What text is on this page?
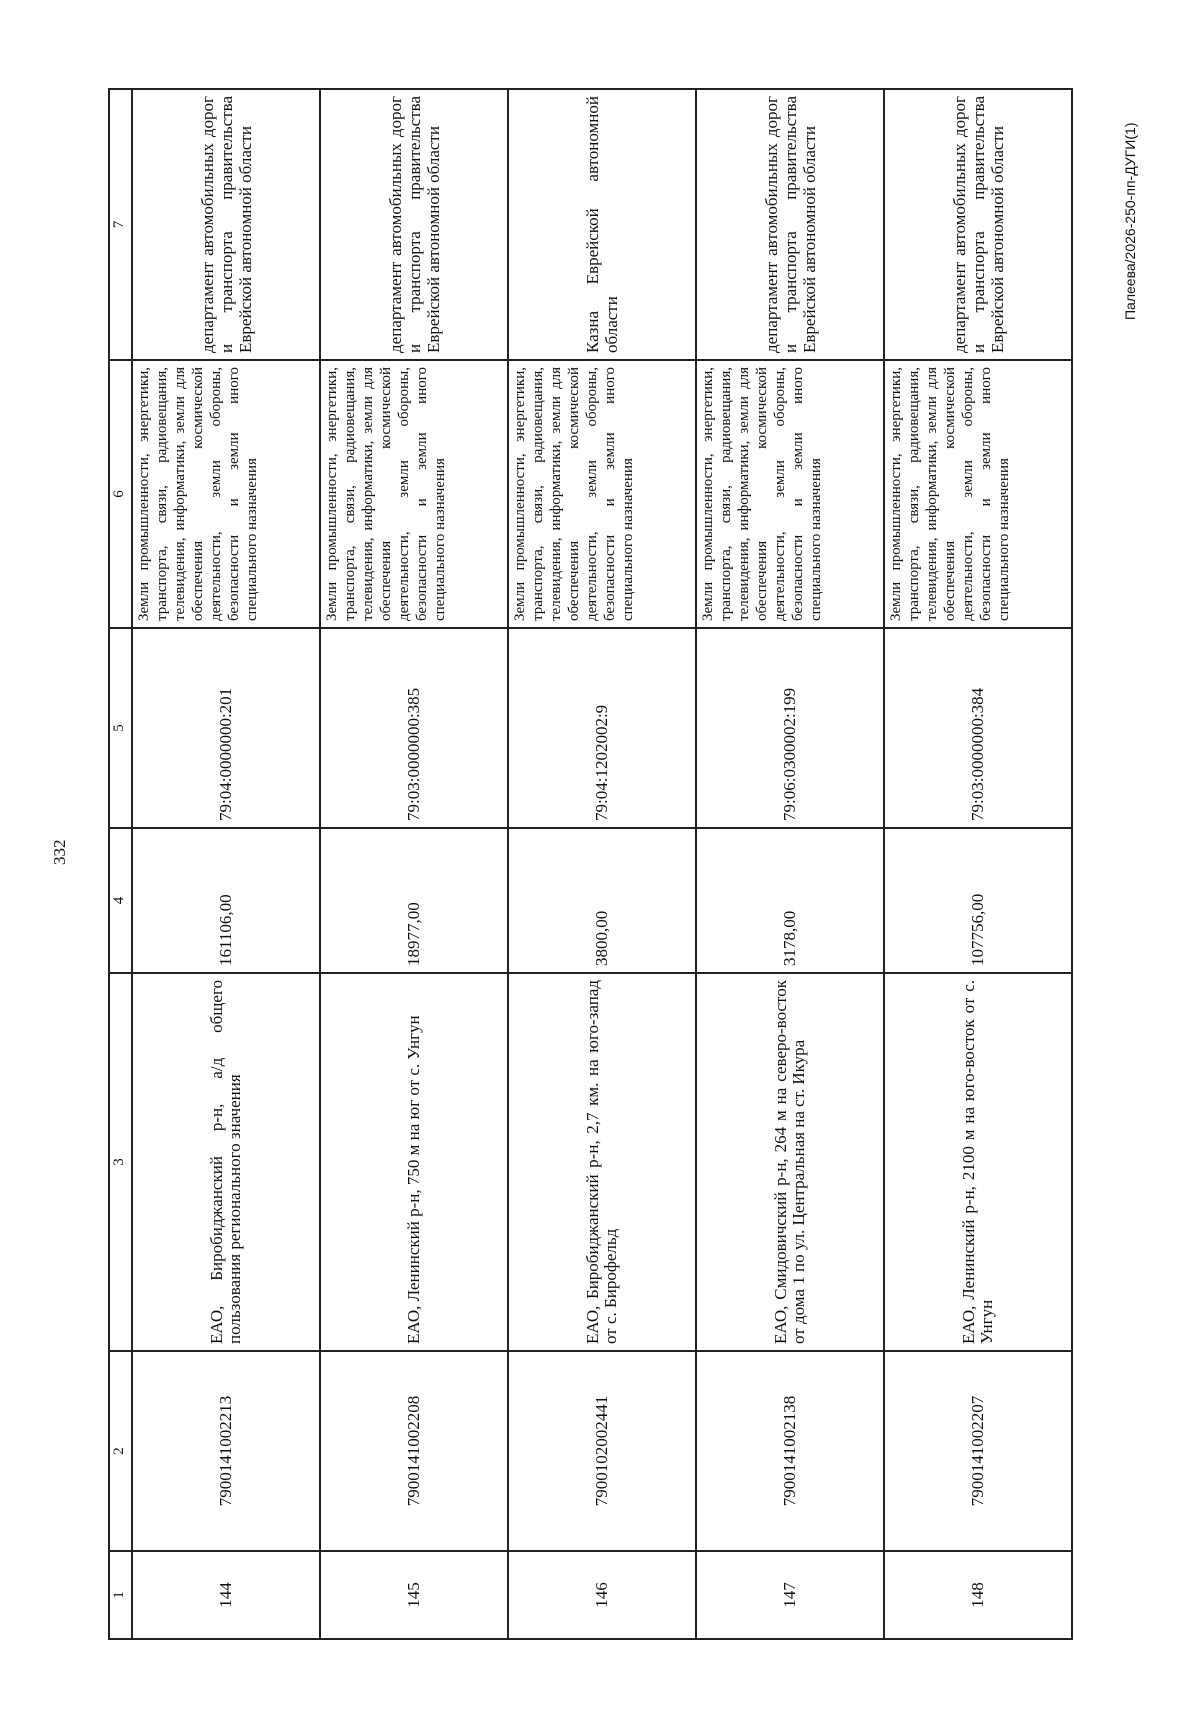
332
Палеева/2026-250-пп-ДУГИ(1)
1	2	3	4	5	6	7
144	7900141002213	ЕАО, Биробиджанский р-н, а/д общего пользования регионального значения	161106,00	79:04:0000000:201	Земли промышленности, энергетики, транспорта, связи, радиовещания, телевидения, информатики, земли для обеспечения космической деятельности, земли обороны, безопасности и земли иного специального назначения	департамент автомобильных дорог и транспорта правительства Еврейской автономной области
145	7900141002208	ЕАО, Ленинский р-н, 750 м на юг от с. Унгун	18977,00	79:03:0000000:385	Земли промышленности, энергетики, транспорта, связи, радиовещания, телевидения, информатики, земли для обеспечения космической деятельности, земли обороны, безопасности и земли иного специального назначения	департамент автомобильных дорог и транспорта правительства Еврейской автономной области
146	7900102002441	ЕАО, Биробиджанский р-н, 2,7 км. на юго-запад от с. Бирофельд	3800,00	79:04:1202002:9	Земли промышленности, энергетики, транспорта, связи, радиовещания, телевидения, информатики, земли для обеспечения космической деятельности, земли обороны, безопасности и земли иного специального назначения	Казна Еврейской автономной области
147	7900141002138	ЕАО, Смидовичский р-н, 264 м на северо-восток от дома 1 по ул. Центральная на ст. Икура	3178,00	79:06:0300002:199	Земли промышленности, энергетики, транспорта, связи, радиовещания, телевидения, информатики, земли для обеспечения космической деятельности, земли обороны, безопасности и земли иного специального назначения	департамент автомобильных дорог и транспорта правительства Еврейской автономной области
148	7900141002207	ЕАО, Ленинский р-н, 2100 м на юго-восток от с. Унгун	107756,00	79:03:0000000:384	Земли промышленности, энергетики, транспорта, связи, радиовещания, телевидения, информатики, земли для обеспечения космической деятельности, земли обороны, безопасности и земли иного специального назначения	департамент автомобильных дорог и транспорта правительства Еврейской автономной области
